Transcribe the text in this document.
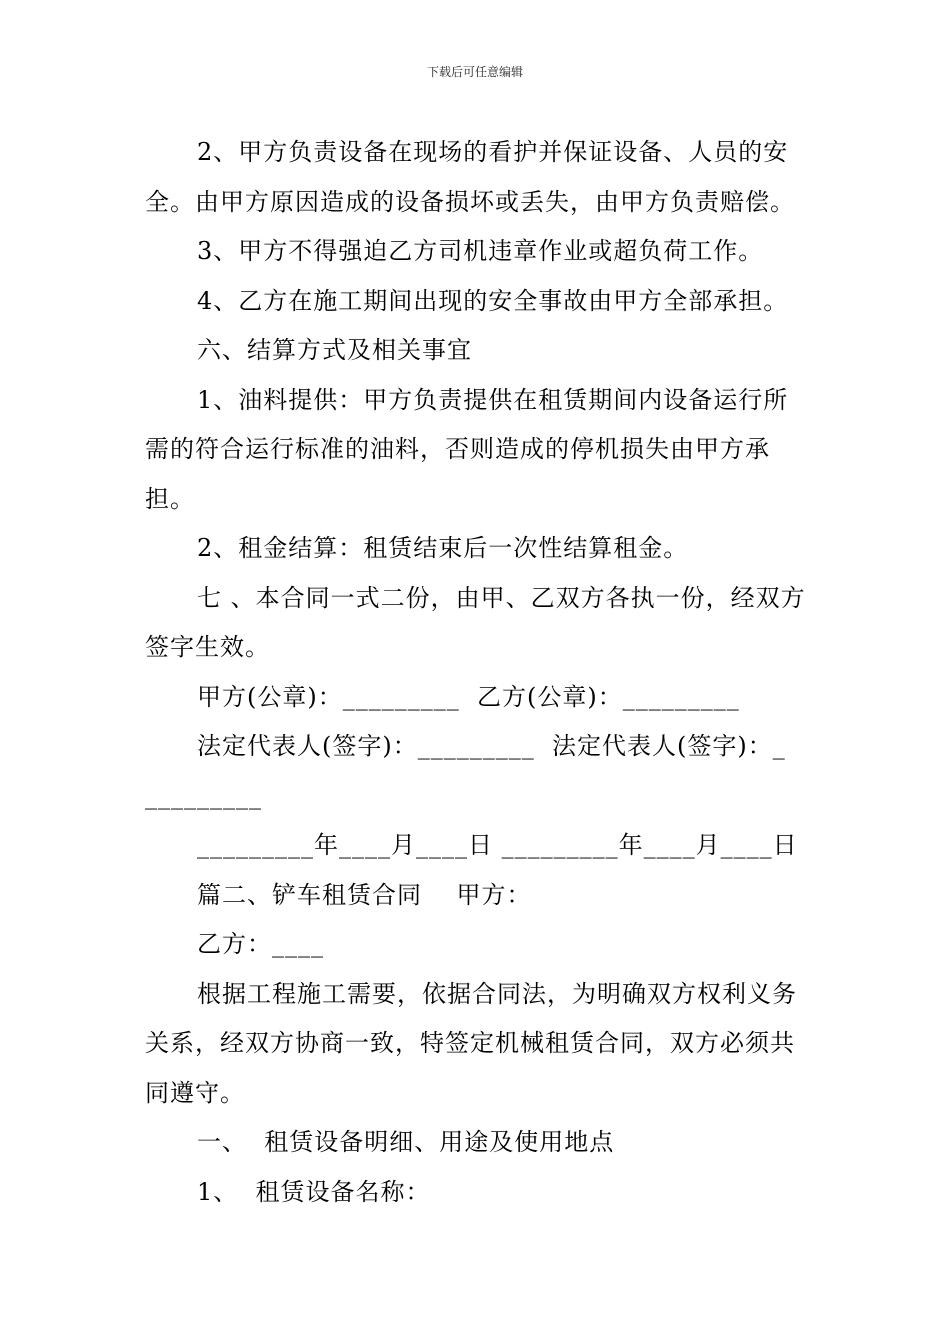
下载后可任意编辑

2、甲方负责设备在现场的看护并保证设备、人员的安全。由甲方原因造成的设备损坏或丢失，由甲方负责赔偿。

3、甲方不得强迫乙方司机违章作业或超负荷工作。

4、乙方在施工期间出现的安全事故由甲方全部承担。

六、结算方式及相关事宜

1、油料提供：甲方负责提供在租赁期间内设备运行所需的符合运行标准的油料，否则造成的停机损失由甲方承担。

2、租金结算：租赁结束后一次性结算租金。

七 、本合同一式二份，由甲、乙双方各执一份，经双方签字生效。

甲方(公章)：_________ 乙方(公章)：_________

法定代表人(签字)：_________ 法定代表人(签字)：_

_________

_________年____月____日 _________年____月____日

篇二、铲车租赁合同 甲方：

乙方：____

根据工程施工需要，依据合同法，为明确双方权利义务关系，经双方协商一致，特签定机械租赁合同，双方必须共同遵守。

一、  租赁设备明细、用途及使用地点

1、  租赁设备名称：
